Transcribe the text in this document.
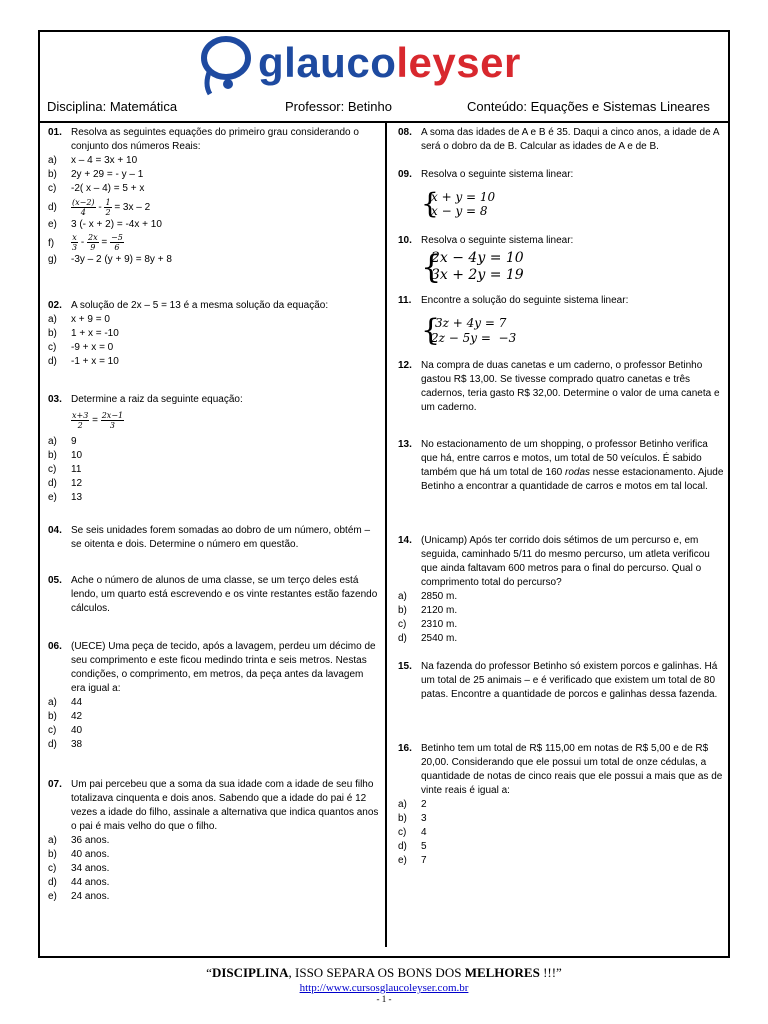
glaucoleyser
Disciplina: Matemática	Professor: Betinho	Conteúdo: Equações e Sistemas Lineares
01. Resolva as seguintes equações do primeiro grau considerando o conjunto dos números Reais:
a) x – 4 = 3x + 10
b) 2y + 29 = - y – 1
c) -2( x – 4) = 5 + x
$d) \frac{(x-2)}{4} - \frac{1}{2} = 3x - 2$
e) 3 (- x + 2) = -4x + 10
$f) \frac{x}{3} - \frac{2x}{9} = \frac{-5}{6}$
g) -3y – 2 (y + 9) = 8y + 8
02. A solução de 2x – 5 = 13 é a mesma solução da equação:
a) x + 9 = 0
b) 1 + x = -10
c) -9 + x = 0
d) -1 + x = 10
03. Determine a raiz da seguinte equação:
$\frac{x+3}{2} = \frac{2x-1}{3}$
a) 9
b) 10
c) 11
d) 12
e) 13
04. Se seis unidades forem somadas ao dobro de um número, obtém – se oitenta e dois. Determine o número em questão.
05. Ache o número de alunos de uma classe, se um terço deles está lendo, um quarto está escrevendo e os vinte restantes estão fazendo cálculos.
06. (UECE) Uma peça de tecido, após a lavagem, perdeu um décimo de seu comprimento e este ficou medindo trinta e seis metros. Nestas condições, o comprimento, em metros, da peça antes da lavagem era igual a:
a) 44
b) 42
c) 40
d) 38
07. Um pai percebeu que a soma da sua idade com a idade de seu filho totalizava cinquenta e dois anos. Sabendo que a idade do pai é 12 vezes a idade do filho, assinale a alternativa que indica quantos anos o pai é mais velho do que o filho.
a) 36 anos.
b) 40 anos.
c) 34 anos.
d) 44 anos.
e) 24 anos.
08. A soma das idades de A e B é 35. Daqui a cinco anos, a idade de A será o dobro da de B. Calcular as idades de A e de B.
09. Resolva o seguinte sistema linear:
{
x + y = 10
x − y = 8
10. Resolva o seguinte sistema linear:
{
2x − 4y = 10
3x + 2y = 19
11. Encontre a solução do seguinte sistema linear:
{
3z + 4y = 7
2z − 5y =  −3
12. Na compra de duas canetas e um caderno, o professor Betinho gastou R$ 13,00. Se tivesse comprado quatro canetas e três cadernos, teria gasto R$ 32,00. Determine o valor de uma caneta e um caderno.
13. No estacionamento de um shopping, o professor Betinho verifica que há, entre carros e motos, um total de 50 veículos. É sabido também que há um total de 160 rodas nesse estacionamento. Ajude Betinho a encontrar a quantidade de carros e motos em tal local.
14. (Unicamp) Após ter corrido dois sétimos de um percurso e, em seguida, caminhado 5/11 do mesmo percurso, um atleta verificou que ainda faltavam 600 metros para o final do percurso. Qual o comprimento total do percurso?
a) 2850 m.
b) 2120 m.
c) 2310 m.
d) 2540 m.
15. Na fazenda do professor Betinho só existem porcos e galinhas. Há um total de 25 animais – e é verificado que existem um total de 80 patas. Encontre a quantidade de porcos e galinhas dessa fazenda.
16. Betinho tem um total de R$ 115,00 em notas de R$ 5,00 e de R$ 20,00. Considerando que ele possui um total de onze cédulas, a quantidade de notas de cinco reais que ele possui a mais que as de vinte reais é igual a:
a) 2
b) 3
c) 4
d) 5
e) 7
“DISCIPLINA, ISSO SEPARA OS BONS DOS MELHORES !!!”
http://www.cursosglaucoleyser.com.br
- 1 -
